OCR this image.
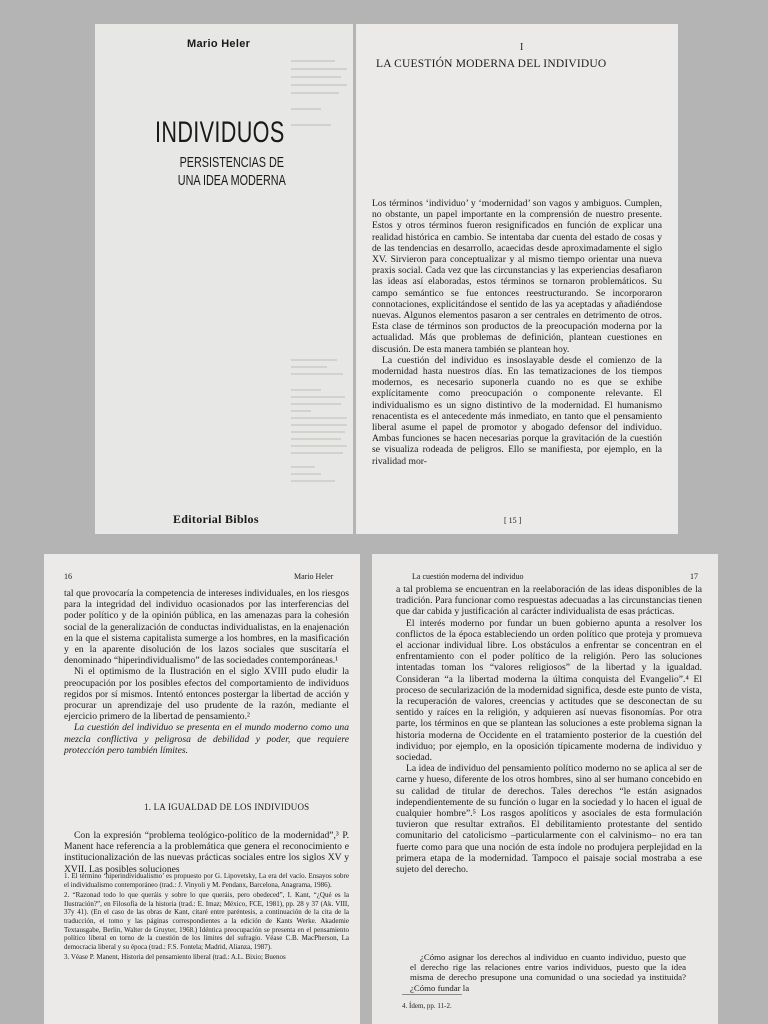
Mario Heler
INDIVIDUOS
PERSISTENCIAS DE
UNA IDEA MODERNA
Editorial Biblos
I
LA CUESTIÓN MODERNA DEL INDIVIDUO

Los términos ‘individuo’ y ‘modernidad’ son vagos y ambiguos. Cumplen, no obstante, un papel importante en la comprensión de nuestro presente. Estos y otros términos fueron resignificados en función de explicar una realidad histórica en cambio. Se intentaba dar cuenta del estado de cosas y de las tendencias en desarrollo, acaecidas desde aproximadamente el siglo XV. Sirvieron para conceptualizar y al mismo tiempo orientar una nueva praxis social. Cada vez que las circunstancias y las experiencias desafiaron las ideas así elaboradas, estos términos se tornaron problemáticos. Su campo semántico se fue entonces reestructurando. Se incorporaron connotaciones, explicitándose el sentido de las ya aceptadas y añadiéndose nuevas. Algunos elementos pasaron a ser centrales en detrimento de otros. Esta clase de términos son productos de la preocupación moderna por la actualidad. Más que problemas de definición, plantean cuestiones en discusión. De esta manera también se plantean hoy.

La cuestión del individuo es insoslayable desde el comienzo de la modernidad hasta nuestros días. En las tematizaciones de los tiempos modernos, es necesario suponerla cuando no es que se exhibe explícitamente como preocupación o componente relevante. El individualismo es un signo distintivo de la modernidad. El humanismo renacentista es el antecedente más inmediato, en tanto que el pensamiento liberal asume el papel de promotor y abogado defensor del individuo. Ambas funciones se hacen necesarias porque la gravitación de la cuestión se visualiza rodeada de peligros. Ello se manifiesta, por ejemplo, en la rivalidad mor-

[ 15 ]
16	Mario Heler

tal que provocaría la competencia de intereses individuales, en los riesgos para la integridad del individuo ocasionados por las interferencias del poder político y de la opinión pública, en las amenazas para la cohesión social de la generalización de conductas individualistas, en la enajenación en la que el sistema capitalista sumerge a los hombres, en la masificación y en la aparente disolución de los lazos sociales que suscitaría el denominado “hiperindividualismo” de las sociedades contemporáneas.¹

Ni el optimismo de la Ilustración en el siglo XVIII pudo eludir la preocupación por los posibles efectos del comportamiento de individuos regidos por sí mismos. Intentó entonces postergar la libertad de acción y procurar un aprendizaje del uso prudente de la razón, mediante el ejercicio primero de la libertad de pensamiento.²

La cuestión del individuo se presenta en el mundo moderno como una mezcla conflictiva y peligrosa de debilidad y poder, que requiere protección pero también límites.

1. LA IGUALDAD DE LOS INDIVIDUOS

Con la expresión “problema teológico-político de la modernidad”,³ P. Manent hace referencia a la problemática que genera el reconocimiento e institucionalización de las nuevas prácticas sociales entre los siglos XV y XVII. Las posibles soluciones

1. El término ‘hiperindividualismo’ es propuesto por G. Lipovetsky, La era del vacío. Ensayos sobre el individualismo contemporáneo (trad.: J. Vinyoli y M. Pendanx, Barcelona, Anagrama, 1986).

2. “Razonad todo lo que queráis y sobre lo que queráis, pero obedeced”, I. Kant, “¿Qué es la Ilustración?”, en Filosofía de la historia (trad.: E. Imaz; México, FCE, 1981), pp. 28 y 37 (Ak. VIII, 37y 41). (En el caso de las obras de Kant, citaré entre paréntesis, a continuación de la cita de la traducción, el tomo y las páginas correspondientes a la edición de Kants Werke. Akademie Textausgabe, Berlin, Walter de Gruyter, 1968.) Idéntica preocupación se presenta en el pensamiento político liberal en torno de la cuestión de los límites del sufragio. Véase C.B. MacPherson, La democracia liberal y su época (trad.: F.S. Fontela; Madrid, Alianza, 1987).

3. Véase P. Manent, Historia del pensamiento liberal (trad.: A.L. Bixio; Buenos

La cuestión moderna del individuo	17

a tal problema se encuentran en la reelaboración de las ideas disponibles de la tradición. Para funcionar como respuestas adecuadas a las circunstancias tienen que dar cabida y justificación al carácter individualista de esas prácticas.

El interés moderno por fundar un buen gobierno apunta a resolver los conflictos de la época estableciendo un orden político que proteja y promueva el accionar individual libre. Los obstáculos a enfrentar se concentran en el enfrentamiento con el poder político de la religión. Pero las soluciones intentadas toman los “valores religiosos” de la libertad y la igualdad. Consideran “a la libertad moderna la última conquista del Evangelio”.⁴ El proceso de secularización de la modernidad significa, desde este punto de vista, la recuperación de valores, creencias y actitudes que se desconectan de su sentido y raíces en la religión, y adquieren así nuevas fisonomías. Por otra parte, los términos en que se plantean las soluciones a este problema signan la historia moderna de Occidente en el tratamiento posterior de la cuestión del individuo; por ejemplo, en la oposición típicamente moderna de individuo y sociedad.

La idea de individuo del pensamiento político moderno no se aplica al ser de carne y hueso, diferente de los otros hombres, sino al ser humano concebido en su calidad de titular de derechos. Tales derechos “le están asignados independientemente de su función o lugar en la sociedad y lo hacen el igual de cualquier hombre”.⁵ Los rasgos apolíticos y asociales de esta formulación tuvieron que resultar extraños. El debilitamiento protestante del sentido comunitario del catolicismo –particularmente con el calvinismo– no era tan fuerte como para que una noción de esta índole no produjera perplejidad en la primera etapa de la modernidad. Tampoco el paisaje social mostraba a ese sujeto del derecho.

¿Cómo asignar los derechos al individuo en cuanto individuo, puesto que el derecho rige las relaciones entre varios individuos, puesto que la idea misma de derecho presupone una comunidad o una sociedad ya instituida? ¿Cómo fundar la

4. Ídem, pp. 11-2.
